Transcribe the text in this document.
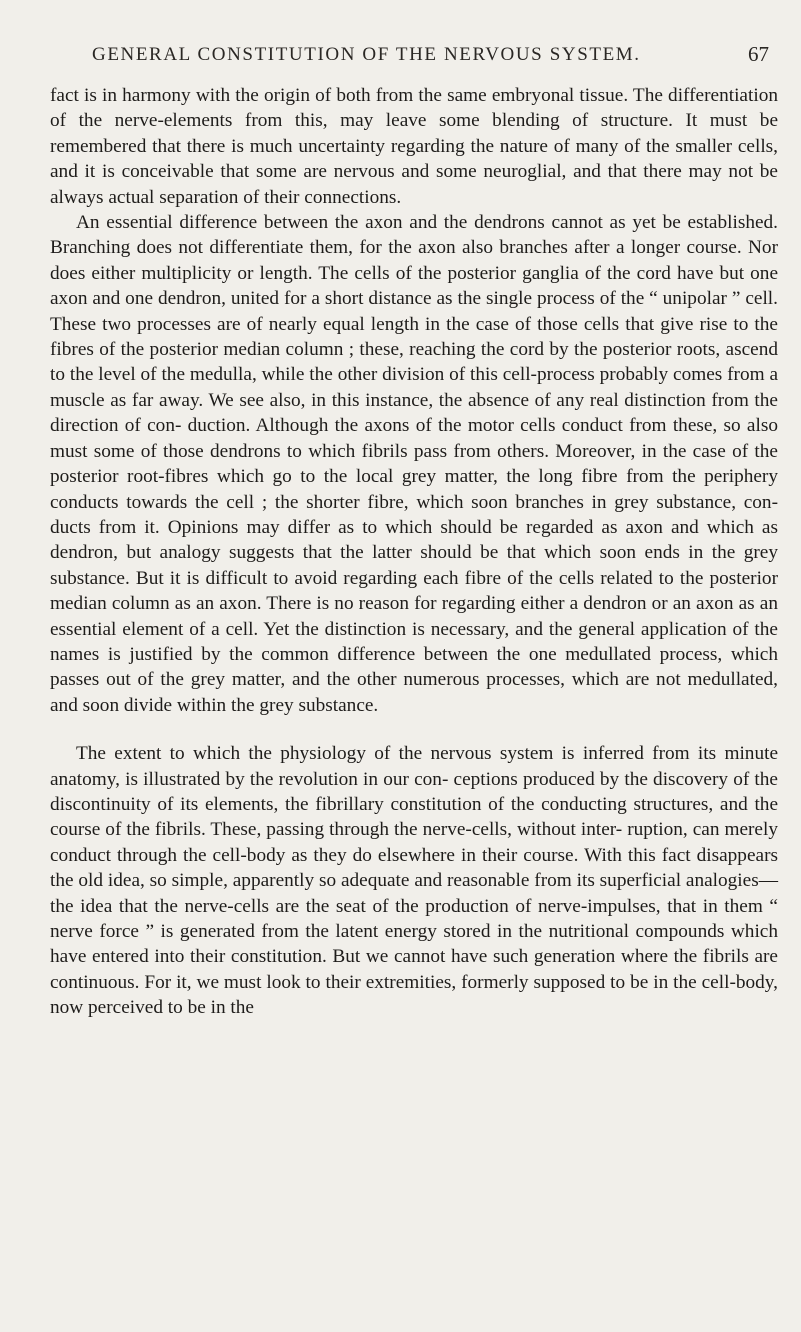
GENERAL CONSTITUTION OF THE NERVOUS SYSTEM.	67

fact is in harmony with the origin of both from the same embryonal tissue. The differentiation of the nerve-elements from this, may leave some blending of structure. It must be remembered that there is much uncertainty regarding the nature of many of the smaller cells, and it is conceivable that some are nervous and some neuroglial, and that there may not be always actual separation of their connections.

An essential difference between the axon and the dendrons cannot as yet be established. Branching does not differentiate them, for the axon also branches after a longer course. Nor does either multiplicity or length. The cells of the posterior ganglia of the cord have but one axon and one dendron, united for a short distance as the single process of the “ unipolar ” cell. These two processes are of nearly equal length in the case of those cells that give rise to the fibres of the posterior median column ; these, reaching the cord by the posterior roots, ascend to the level of the medulla, while the other division of this cell-process probably comes from a muscle as far away. We see also, in this instance, the absence of any real distinction from the direction of con- duction. Although the axons of the motor cells conduct from these, so also must some of those dendrons to which fibrils pass from others. Moreover, in the case of the posterior root-fibres which go to the local grey matter, the long fibre from the periphery conducts towards the cell ; the shorter fibre, which soon branches in grey substance, con- ducts from it. Opinions may differ as to which should be regarded as axon and which as dendron, but analogy suggests that the latter should be that which soon ends in the grey substance. But it is difficult to avoid regarding each fibre of the cells related to the posterior median column as an axon. There is no reason for regarding either a dendron or an axon as an essential element of a cell. Yet the distinction is necessary, and the general application of the names is justified by the common difference between the one medullated process, which passes out of the grey matter, and the other numerous processes, which are not medullated, and soon divide within the grey substance.

The extent to which the physiology of the nervous system is inferred from its minute anatomy, is illustrated by the revolution in our con- ceptions produced by the discovery of the discontinuity of its elements, the fibrillary constitution of the conducting structures, and the course of the fibrils. These, passing through the nerve-cells, without inter- ruption, can merely conduct through the cell-body as they do elsewhere in their course. With this fact disappears the old idea, so simple, apparently so adequate and reasonable from its superficial analogies—the idea that the nerve-cells are the seat of the production of nerve-impulses, that in them “ nerve force ” is generated from the latent energy stored in the nutritional compounds which have entered into their constitution. But we cannot have such generation where the fibrils are continuous. For it, we must look to their extremities, formerly supposed to be in the cell-body, now perceived to be in the
